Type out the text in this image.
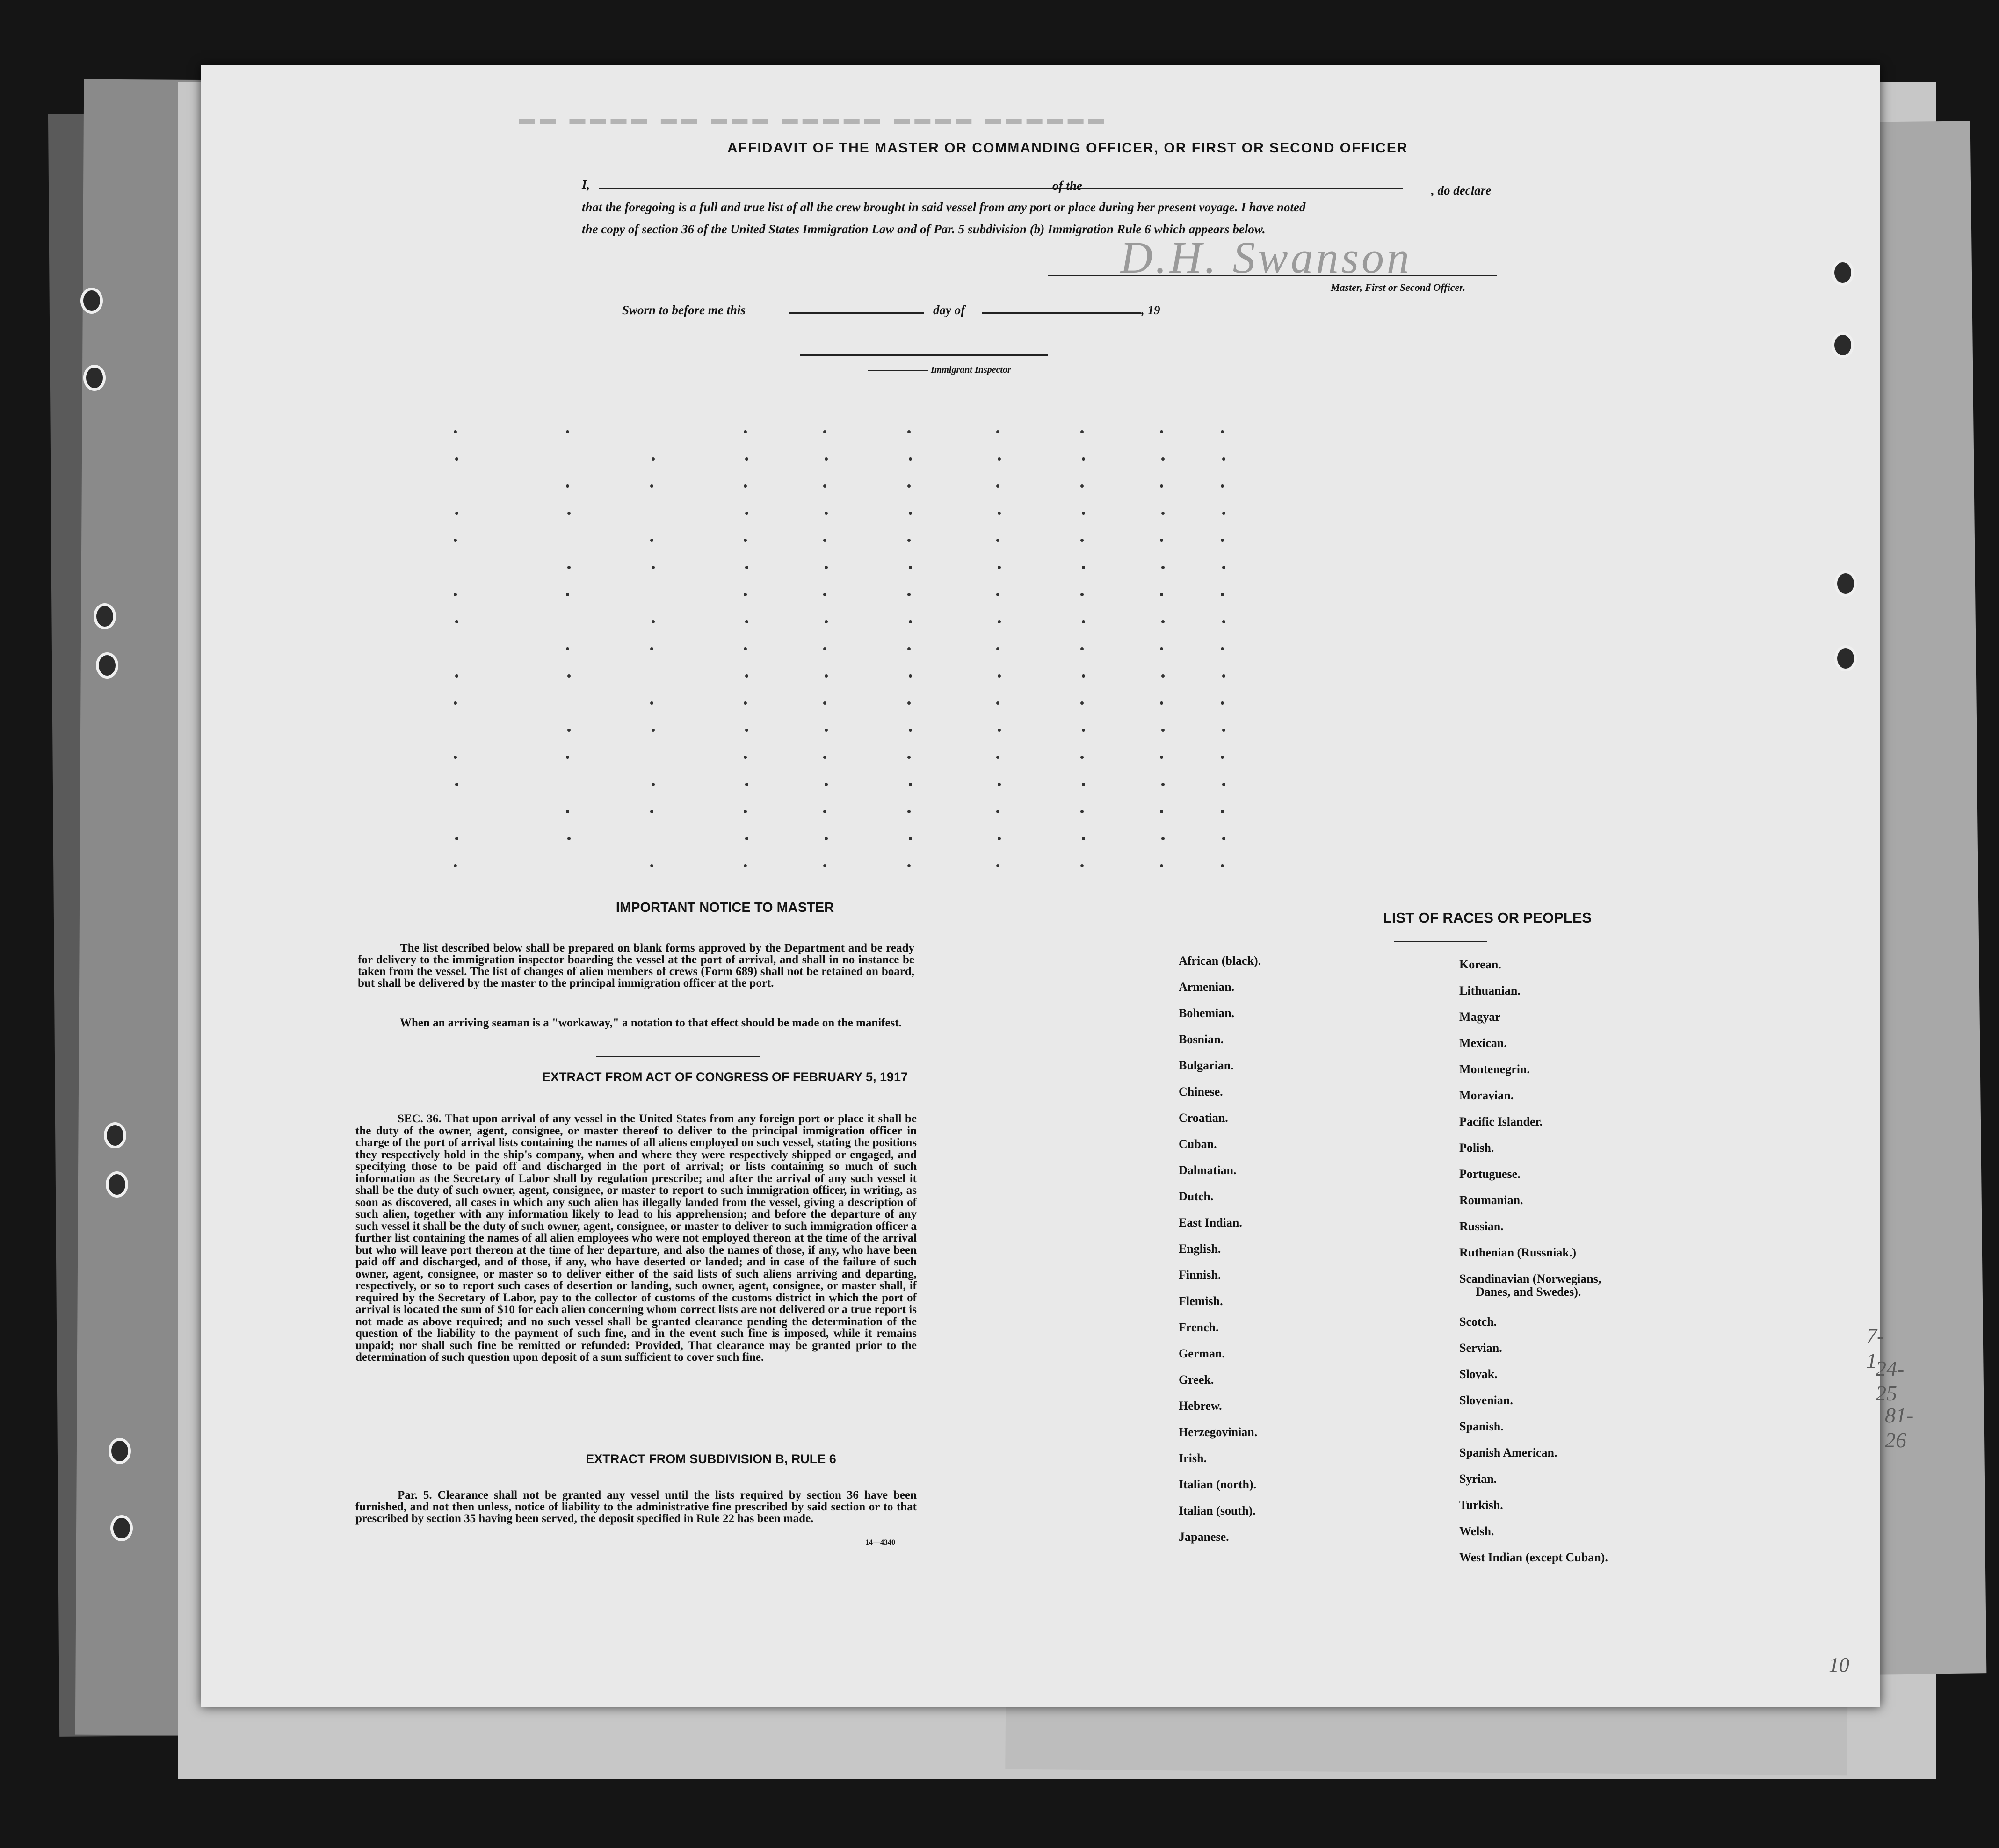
▬▬ ▬▬▬▬ ▬▬ ▬▬▬ ▬▬▬▬▬ ▬▬▬▬ ▬▬▬▬▬▬
AFFIDAVIT OF THE MASTER OR COMMANDING OFFICER, OR FIRST OR SECOND OFFICER
I,	of the	, do declare
that the foregoing is a full and true list of all the crew brought in said vessel from any port or place during her present voyage. I have noted
the copy of section 36 of the United States Immigration Law and of Par. 5 subdivision (b) Immigration Rule 6 which appears below.
D.H. Swanson
Master, First or Second Officer.
Sworn to before me this	day of	, 19
Immigrant Inspector
IMPORTANT NOTICE TO MASTER
The list described below shall be prepared on blank forms approved by the Department and be ready for delivery to the immigration inspector boarding the vessel at the port of arrival, and shall in no instance be taken from the vessel. The list of changes of alien members of crews (Form 689) shall not be retained on board, but shall be delivered by the master to the principal immigration officer at the port.
When an arriving seaman is a "workaway," a notation to that effect should be made on the manifest.
EXTRACT FROM ACT OF CONGRESS OF FEBRUARY 5, 1917
SEC. 36. That upon arrival of any vessel in the United States from any foreign port or place it shall be the duty of the owner, agent, consignee, or master thereof to deliver to the principal immigration officer in charge of the port of arrival lists containing the names of all aliens employed on such vessel, stating the positions they respectively hold in the ship's company, when and where they were respectively shipped or engaged, and specifying those to be paid off and discharged in the port of arrival; or lists containing so much of such information as the Secretary of Labor shall by regulation prescribe; and after the arrival of any such vessel it shall be the duty of such owner, agent, consignee, or master to report to such immigration officer, in writing, as soon as discovered, all cases in which any such alien has illegally landed from the vessel, giving a description of such alien, together with any information likely to lead to his apprehension; and before the departure of any such vessel it shall be the duty of such owner, agent, consignee, or master to deliver to such immigration officer a further list containing the names of all alien employees who were not employed thereon at the time of the arrival but who will leave port thereon at the time of her departure, and also the names of those, if any, who have been paid off and discharged, and of those, if any, who have deserted or landed; and in case of the failure of such owner, agent, consignee, or master so to deliver either of the said lists of such aliens arriving and departing, respectively, or so to report such cases of desertion or landing, such owner, agent, consignee, or master shall, if required by the Secretary of Labor, pay to the collector of customs of the customs district in which the port of arrival is located the sum of $10 for each alien concerning whom correct lists are not delivered or a true report is not made as above required; and no such vessel shall be granted clearance pending the determination of the question of the liability to the payment of such fine, and in the event such fine is imposed, while it remains unpaid; nor shall such fine be remitted or refunded: Provided, That clearance may be granted prior to the determination of such question upon deposit of a sum sufficient to cover such fine.
EXTRACT FROM SUBDIVISION B, RULE 6
Par. 5. Clearance shall not be granted any vessel until the lists required by section 36 have been furnished, and not then unless, notice of liability to the administrative fine prescribed by said section or to that prescribed by section 35 having been served, the deposit specified in Rule 22 has been made.
14—4340
LIST OF RACES OR PEOPLES
African (black).
Armenian.
Bohemian.
Bosnian.
Bulgarian.
Chinese.
Croatian.
Cuban.
Dalmatian.
Dutch.
East Indian.
English.
Finnish.
Flemish.
French.
German.
Greek.
Hebrew.
Herzegovinian.
Irish.
Italian (north).
Italian (south).
Japanese.
Korean.
Lithuanian.
Magyar
Mexican.
Montenegrin.
Moravian.
Pacific Islander.
Polish.
Portuguese.
Roumanian.
Russian.
Ruthenian (Russniak.)
Scandinavian (Norwegians,
Danes, and Swedes).
Scotch.
Servian.
Slovak.
Slovenian.
Spanish.
Spanish American.
Syrian.
Turkish.
Welsh.
West Indian (except Cuban).
7-1
24-25
81-26
10
